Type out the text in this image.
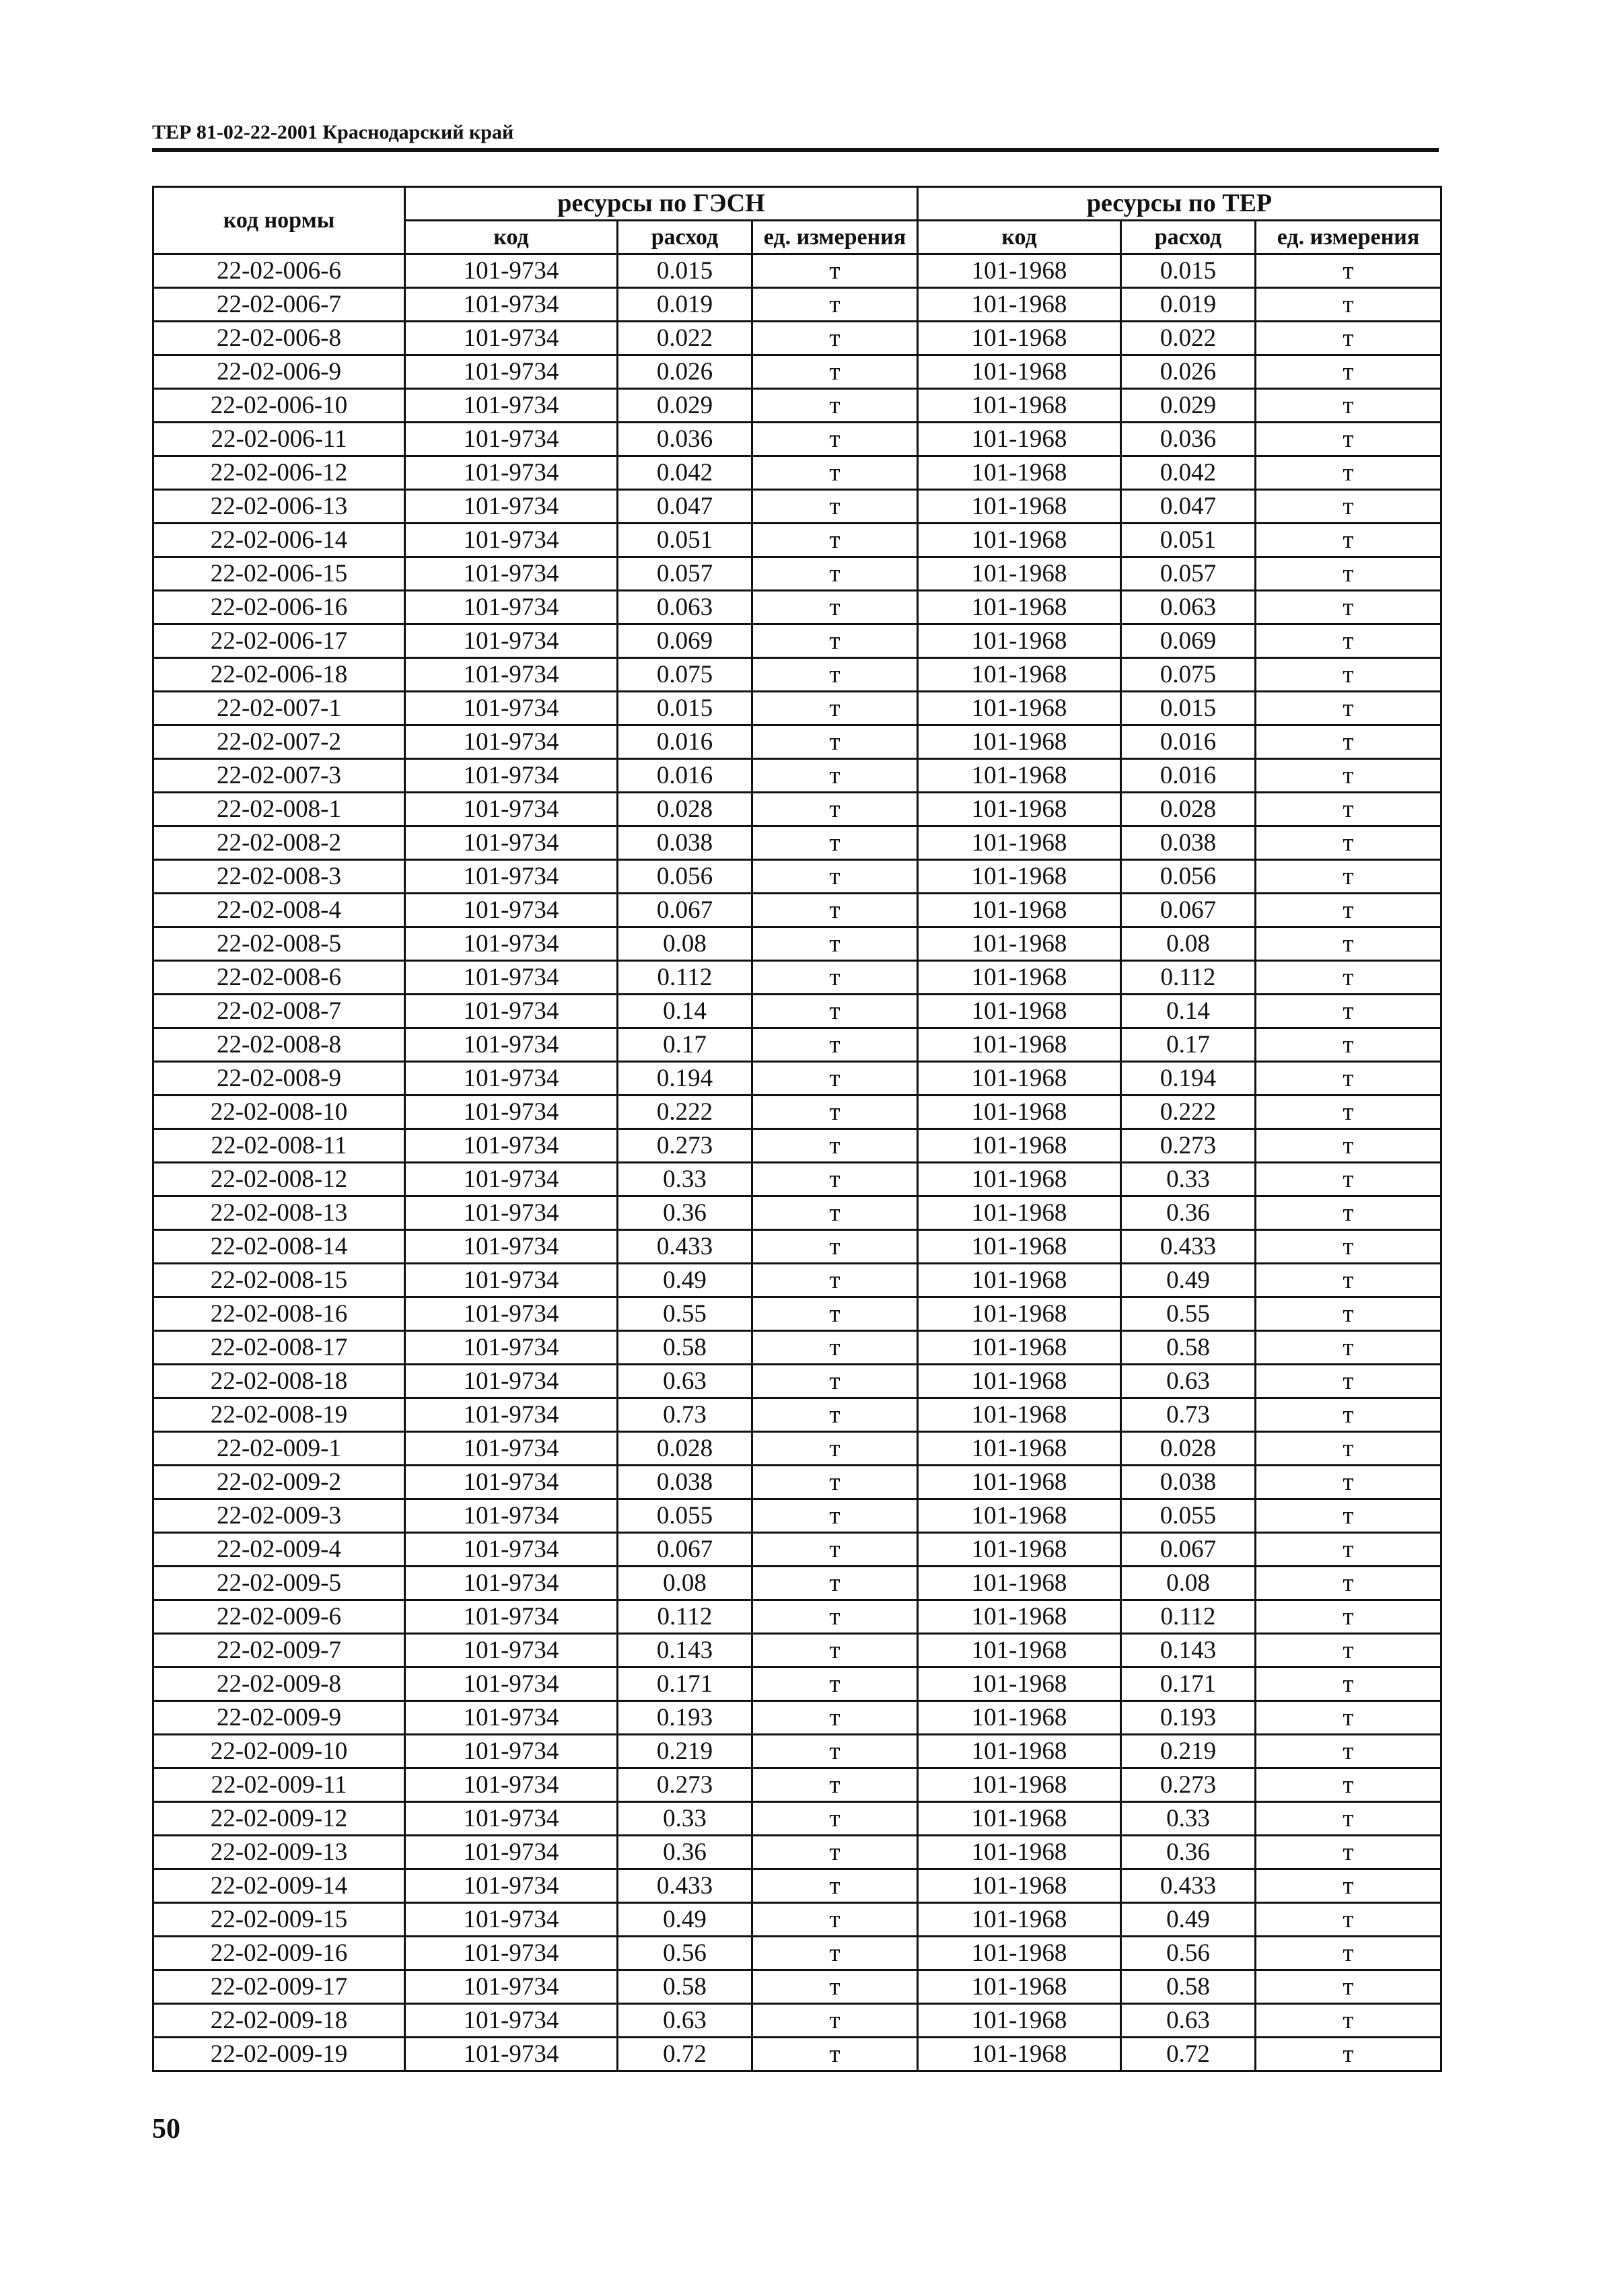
ТЕР 81-02-22-2001 Краснодарский край
код нормы	ресурсы по ГЭСН			ресурсы по ТЕР		
	код	расход	ед. измерения	код	расход	ед. измерения
22-02-006-6	101-9734	0.015	т	101-1968	0.015	т
22-02-006-7	101-9734	0.019	т	101-1968	0.019	т
22-02-006-8	101-9734	0.022	т	101-1968	0.022	т
22-02-006-9	101-9734	0.026	т	101-1968	0.026	т
22-02-006-10	101-9734	0.029	т	101-1968	0.029	т
22-02-006-11	101-9734	0.036	т	101-1968	0.036	т
22-02-006-12	101-9734	0.042	т	101-1968	0.042	т
22-02-006-13	101-9734	0.047	т	101-1968	0.047	т
22-02-006-14	101-9734	0.051	т	101-1968	0.051	т
22-02-006-15	101-9734	0.057	т	101-1968	0.057	т
22-02-006-16	101-9734	0.063	т	101-1968	0.063	т
22-02-006-17	101-9734	0.069	т	101-1968	0.069	т
22-02-006-18	101-9734	0.075	т	101-1968	0.075	т
22-02-007-1	101-9734	0.015	т	101-1968	0.015	т
22-02-007-2	101-9734	0.016	т	101-1968	0.016	т
22-02-007-3	101-9734	0.016	т	101-1968	0.016	т
22-02-008-1	101-9734	0.028	т	101-1968	0.028	т
22-02-008-2	101-9734	0.038	т	101-1968	0.038	т
22-02-008-3	101-9734	0.056	т	101-1968	0.056	т
22-02-008-4	101-9734	0.067	т	101-1968	0.067	т
22-02-008-5	101-9734	0.08	т	101-1968	0.08	т
22-02-008-6	101-9734	0.112	т	101-1968	0.112	т
22-02-008-7	101-9734	0.14	т	101-1968	0.14	т
22-02-008-8	101-9734	0.17	т	101-1968	0.17	т
22-02-008-9	101-9734	0.194	т	101-1968	0.194	т
22-02-008-10	101-9734	0.222	т	101-1968	0.222	т
22-02-008-11	101-9734	0.273	т	101-1968	0.273	т
22-02-008-12	101-9734	0.33	т	101-1968	0.33	т
22-02-008-13	101-9734	0.36	т	101-1968	0.36	т
22-02-008-14	101-9734	0.433	т	101-1968	0.433	т
22-02-008-15	101-9734	0.49	т	101-1968	0.49	т
22-02-008-16	101-9734	0.55	т	101-1968	0.55	т
22-02-008-17	101-9734	0.58	т	101-1968	0.58	т
22-02-008-18	101-9734	0.63	т	101-1968	0.63	т
22-02-008-19	101-9734	0.73	т	101-1968	0.73	т
22-02-009-1	101-9734	0.028	т	101-1968	0.028	т
22-02-009-2	101-9734	0.038	т	101-1968	0.038	т
22-02-009-3	101-9734	0.055	т	101-1968	0.055	т
22-02-009-4	101-9734	0.067	т	101-1968	0.067	т
22-02-009-5	101-9734	0.08	т	101-1968	0.08	т
22-02-009-6	101-9734	0.112	т	101-1968	0.112	т
22-02-009-7	101-9734	0.143	т	101-1968	0.143	т
22-02-009-8	101-9734	0.171	т	101-1968	0.171	т
22-02-009-9	101-9734	0.193	т	101-1968	0.193	т
22-02-009-10	101-9734	0.219	т	101-1968	0.219	т
22-02-009-11	101-9734	0.273	т	101-1968	0.273	т
22-02-009-12	101-9734	0.33	т	101-1968	0.33	т
22-02-009-13	101-9734	0.36	т	101-1968	0.36	т
22-02-009-14	101-9734	0.433	т	101-1968	0.433	т
22-02-009-15	101-9734	0.49	т	101-1968	0.49	т
22-02-009-16	101-9734	0.56	т	101-1968	0.56	т
22-02-009-17	101-9734	0.58	т	101-1968	0.58	т
22-02-009-18	101-9734	0.63	т	101-1968	0.63	т
22-02-009-19	101-9734	0.72	т	101-1968	0.72	т
50
